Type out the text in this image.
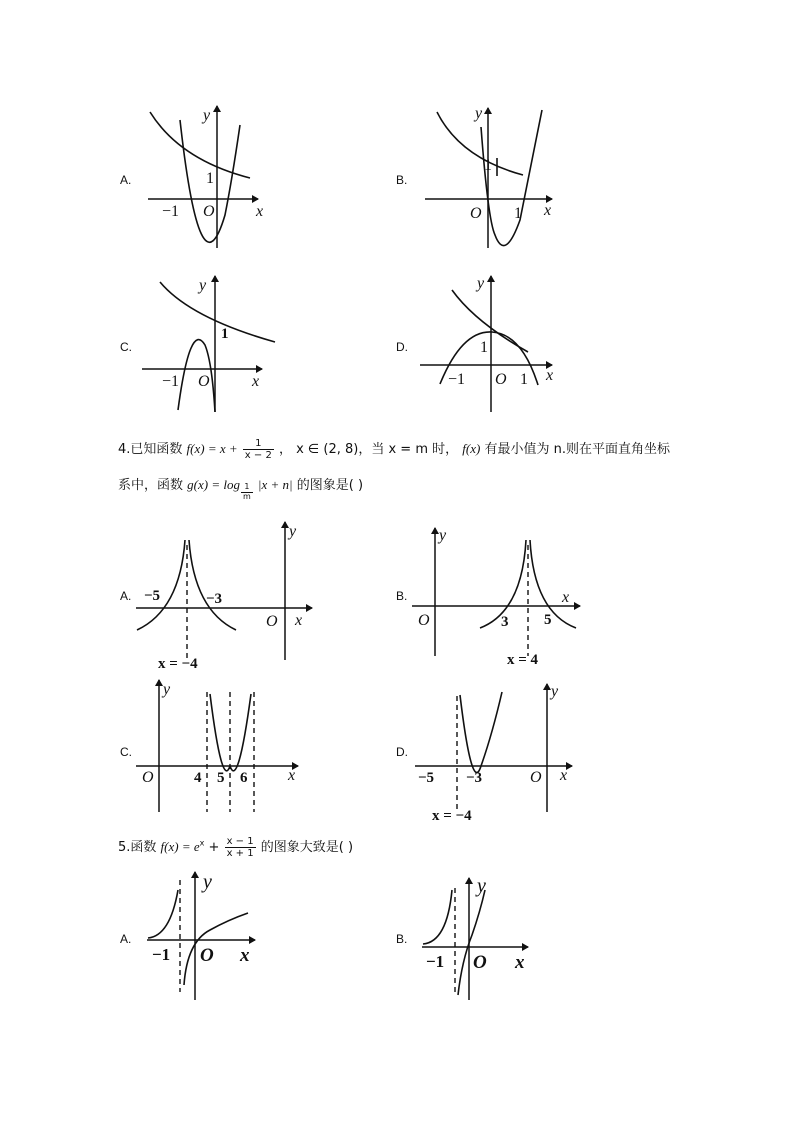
A.	B.
C.	D.
A.	B.
C.	D.
A.	B.
4.已知函数 $f(x) = x + \frac{1}{x - 2}$ ， x ∈ (2, 8)，当 x = m 时， f(x) 有最小值为 n.则在平面直角坐标
系中，函数 $g(x) = \log \frac{1}{m} |x + n|$ 的图象是( )
5.函数 $f(x) = e^x + \frac{x - 1}{x + 1}$ 的图象大致是( )
y
x
O
−1
1
y
x
O 1
1
y
x
O
−1
1
y
x
O
−1
1
1
y
x
O
−5	−3
x = −4
y
x
O	3 5
x = 4
y
x
O	4 5 6
y
x
O
−5 −3
x = −4
y
x
O
−1
y
x
O
−1
